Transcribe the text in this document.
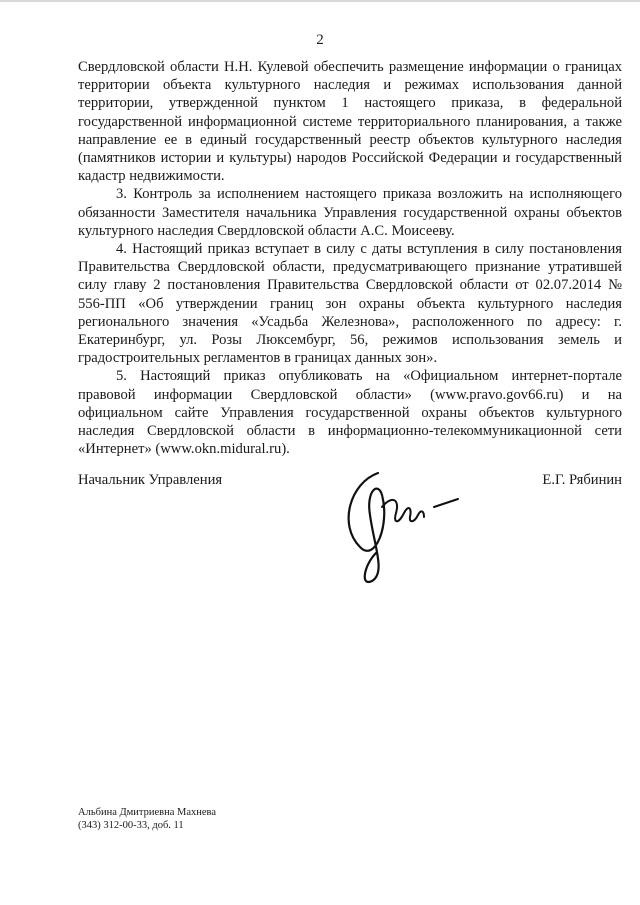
2

Свердловской области Н.Н. Кулевой обеспечить размещение информации о границах территории объекта культурного наследия и режимах использования данной территории, утвержденной пунктом 1 настоящего приказа, в федеральной государственной информационной системе территориального планирования, а также направление ее в единый государственный реестр объектов культурного наследия (памятников истории и культуры) народов Российской Федерации и государственный кадастр недвижимости.

3. Контроль за исполнением настоящего приказа возложить на исполняющего обязанности Заместителя начальника Управления государственной охраны объектов культурного наследия Свердловской области А.С. Моисееву.

4. Настоящий приказ вступает в силу с даты вступления в силу постановления Правительства Свердловской области, предусматривающего признание утратившей силу главу 2 постановления Правительства Свердловской области от 02.07.2014 № 556-ПП «Об утверждении границ зон охраны объекта культурного наследия регионального значения «Усадьба Железнова», расположенного по адресу: г. Екатеринбург, ул. Розы Люксембург, 56, режимов использования земель и градостроительных регламентов в границах данных зон».

5. Настоящий приказ опубликовать на «Официальном интернет-портале правовой информации Свердловской области» (www.pravo.gov66.ru) и на официальном сайте Управления государственной охраны объектов культурного наследия Свердловской области в информационно-телекоммуникационной сети «Интернет» (www.okn.midural.ru).

Начальник Управления	Е.Г. Рябинин
Альбина Дмитриевна Махнева
(343) 312-00-33, доб. 11
